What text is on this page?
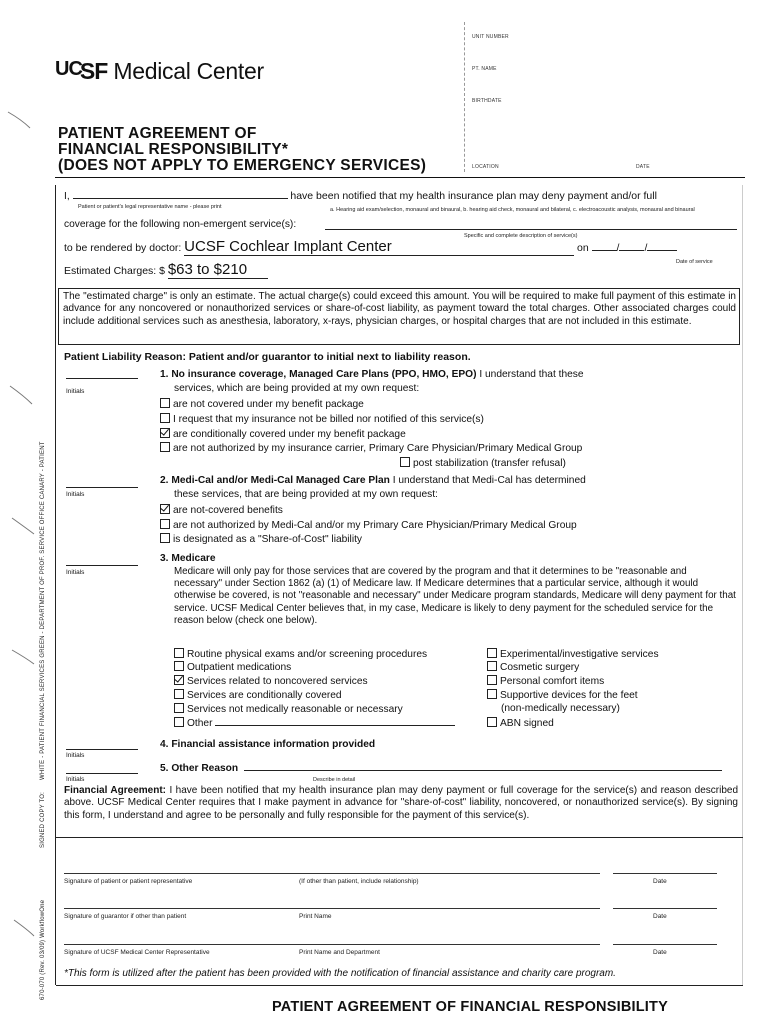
UCSF Medical Center
PATIENT AGREEMENT OF
FINANCIAL RESPONSIBILITY*
(DOES NOT APPLY TO EMERGENCY SERVICES)
UNIT NUMBER
PT. NAME
BIRTHDATE
LOCATION	DATE
I,	have been notified that my health insurance plan may deny payment and/or full
Patient or patient's legal representative name - please print	a. Hearing aid exam/selection, monaural and binaural, b. hearing aid check, monaural and bilateral, c. electroacoustic analysis, monaural and binaural
coverage for the following non-emergent service(s):
Specific and complete description of service(s)
to be rendered by doctor: UCSF Cochlear Implant Center	on	/ /
Date of service
Estimated Charges: $ $63 to $210
The "estimated charge" is only an estimate. The actual charge(s) could exceed this amount. You will be required to make full payment of this estimate in advance for any noncovered or nonauthorized services or share-of-cost liability, as payment toward the total charges. Other associated charges could include additional services such as anesthesia, laboratory, x-rays, physician charges, or hospital charges that are not included in this estimate.
Patient Liability Reason: Patient and/or guarantor to initial next to liability reason.
Initials
1. No insurance coverage, Managed Care Plans (PPO, HMO, EPO) I understand that these
services, which are being provided at my own request:
are not covered under my benefit package
I request that my insurance not be billed nor notified of this service(s)
are conditionally covered under my benefit package
are not authorized by my insurance carrier, Primary Care Physician/Primary Medical Group
post stabilization (transfer refusal)
Initials
2. Medi-Cal and/or Medi-Cal Managed Care Plan I understand that Medi-Cal has determined
these services, that are being provided at my own request:
are not-covered benefits
are not authorized by Medi-Cal and/or my Primary Care Physician/Primary Medical Group
is designated as a "Share-of-Cost" liability
Initials
3. Medicare
Medicare will only pay for those services that are covered by the program and that it determines to be "reasonable and necessary" under Section 1862 (a) (1) of Medicare law. If Medicare determines that a particular service, although it would otherwise be covered, is not "reasonable and necessary" under Medicare program standards, Medicare will deny payment for that service. UCSF Medical Center believes that, in my case, Medicare is likely to deny payment for the scheduled service for the reason below (check one below).
Routine physical exams and/or screening procedures
Outpatient medications
Services related to noncovered services
Services are conditionally covered
Services not medically reasonable or necessary
Other
Experimental/investigative services
Cosmetic surgery
Personal comfort items
Supportive devices for the feet
(non-medically necessary)
ABN signed
Initials
4. Financial assistance information provided
Initials
5. Other Reason
Describe in detail
Financial Agreement: I have been notified that my health insurance plan may deny payment or full coverage for the service(s) and reason described above. UCSF Medical Center requires that I make payment in advance for "share-of-cost" liability, noncovered, or nonauthorized service(s). By signing this form, I understand and agree to be personally and fully responsible for the payment of this service(s).
Signature of patient or patient representative	(If other than patient, include relationship)	Date
Signature of guarantor if other than patient	Print Name	Date
Signature of UCSF Medical Center Representative	Print Name and Department	Date
*This form is utilized after the patient has been provided with the notification of financial assistance and charity care program.
PATIENT AGREEMENT OF FINANCIAL RESPONSIBILITY
WHITE - PATIENT FINANCIAL SERVICES GREEN - DEPARTMENT OF PROF. SERVICE OFFICE CANARY - PATIENT
SIGNED COPY TO:
670-070 (Rev. 03/09) WorkflowOne
